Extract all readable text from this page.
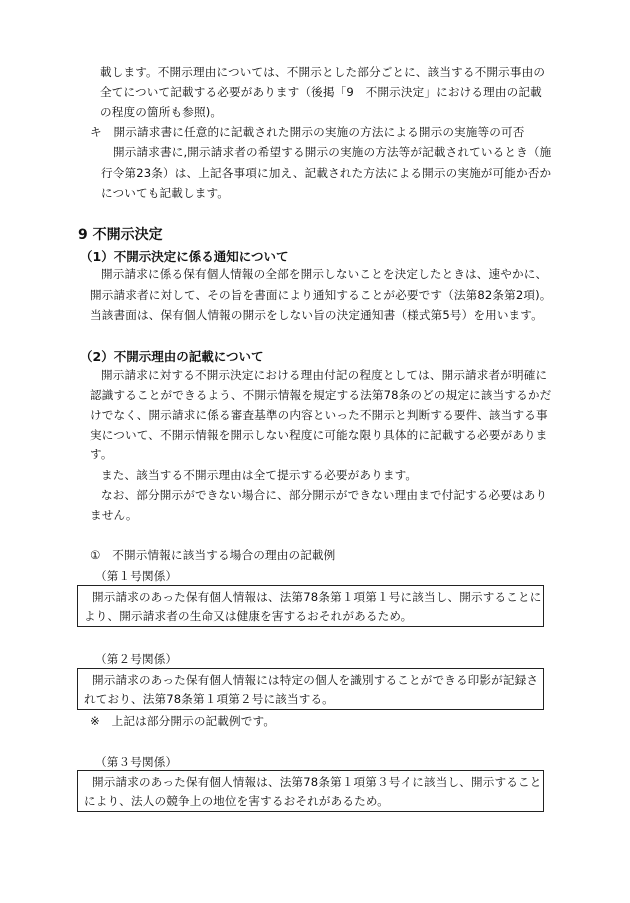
載します。不開示理由については、不開示とした部分ごとに、該当する不開示事由の
全てについて記載する必要があります（後掲「9　不開示決定」における理由の記載
の程度の箇所も参照)。
キ　開示請求書に任意的に記載された開示の実施の方法による開示の実施等の可否
開示請求書に,開示請求者の希望する開示の実施の方法等が記載されているとき（施
行令第23条）は、上記各事項に加え、記載された方法による開示の実施が可能か否か
についても記載します。
9 不開示決定
（1）不開示決定に係る通知について
開示請求に係る保有個人情報の全部を開示しないことを決定したときは、速やかに、
開示請求者に対して、その旨を書面により通知することが必要です（法第82条第2項)。
当該書面は、保有個人情報の開示をしない旨の決定通知書（様式第5号）を用います。
（2）不開示理由の記載について
開示請求に対する不開示決定における理由付記の程度としては、開示請求者が明確に
認識することができるよう、不開示情報を規定する法第78条のどの規定に該当するかだ
けでなく、開示請求に係る審査基準の内容といった不開示と判断する要件、該当する事
実について、不開示情報を開示しない程度に可能な限り具体的に記載する必要がありま
す。
また、該当する不開示理由は全て提示する必要があります。
なお、部分開示ができない場合に、部分開示ができない理由まで付記する必要はあり
ません。
①　不開示情報に該当する場合の理由の記載例
（第１号関係）
開示請求のあった保有個人情報は、法第78条第１項第１号に該当し、開示することに
より、開示請求者の生命又は健康を害するおそれがあるため。
（第２号関係）
開示請求のあった保有個人情報には特定の個人を識別することができる印影が記録さ
れており、法第78条第１項第２号に該当する。
※　上記は部分開示の記載例です。
（第３号関係）
開示請求のあった保有個人情報は、法第78条第１項第３号イに該当し、開示すること
により、法人の競争上の地位を害するおそれがあるため。
